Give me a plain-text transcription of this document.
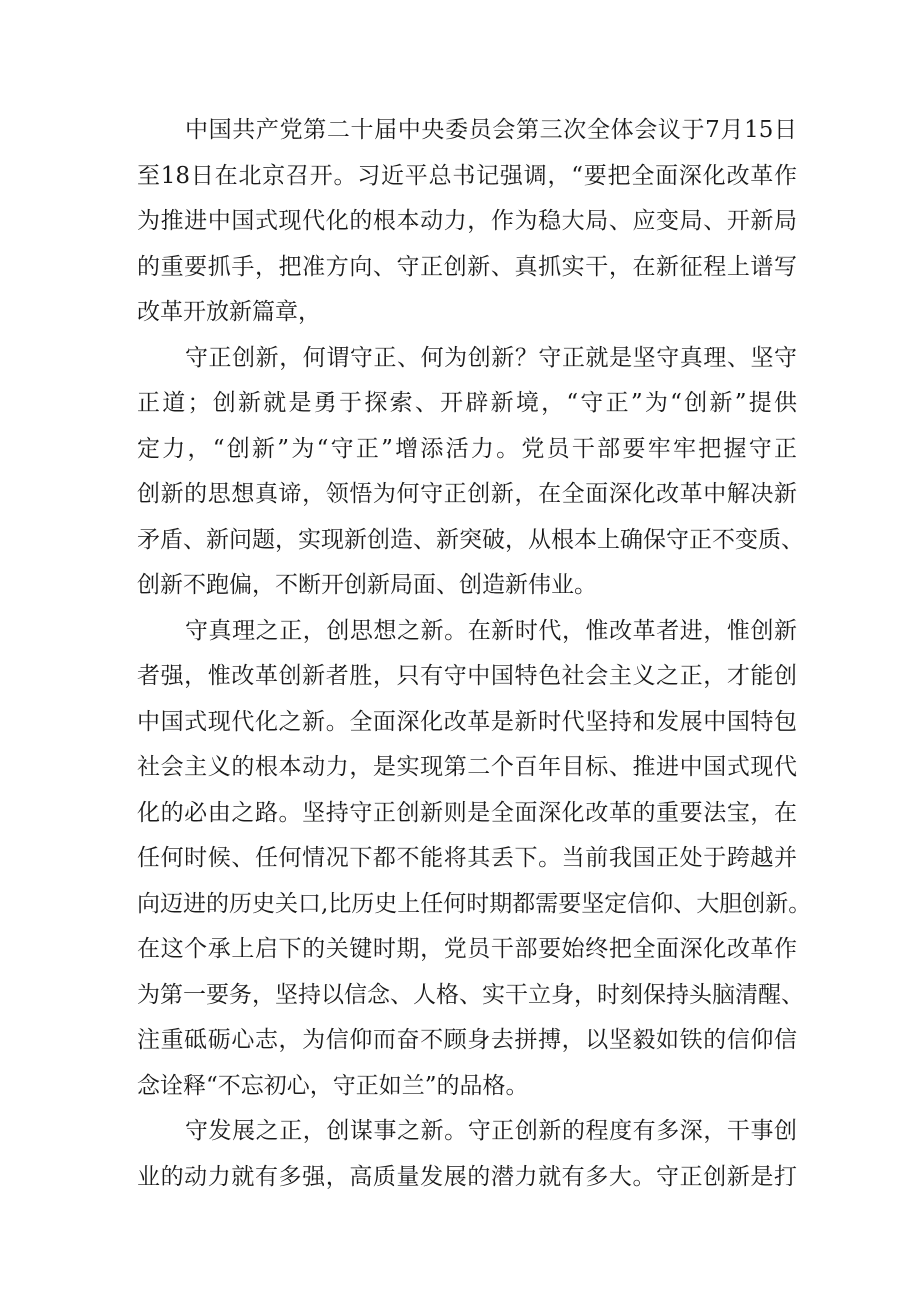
中国共产党第二十届中央委员会第三次全体会议于7月15日
至18日在北京召开。习近平总书记强调，“要把全面深化改革作
为推进中国式现代化的根本动力，作为稳大局、应变局、开新局
的重要抓手，把准方向、守正创新、真抓实干，在新征程上谱写
改革开放新篇章，
守正创新，何谓守正、何为创新？守正就是坚守真理、坚守
正道；创新就是勇于探索、开辟新境，“守正”为“创新”提供
定力，“创新”为“守正”增添活力。党员干部要牢牢把握守正
创新的思想真谛，领悟为何守正创新，在全面深化改革中解决新
矛盾、新问题，实现新创造、新突破，从根本上确保守正不变质、
创新不跑偏，不断开创新局面、创造新伟业。
守真理之正，创思想之新。在新时代，惟改革者进，惟创新
者强，惟改革创新者胜，只有守中国特色社会主义之正，才能创
中国式现代化之新。全面深化改革是新时代坚持和发展中国特包
社会主义的根本动力，是实现第二个百年目标、推进中国式现代
化的必由之路。坚持守正创新则是全面深化改革的重要法宝，在
任何时候、任何情况下都不能将其丢下。当前我国正处于跨越并
向迈进的历史关口,比历史上任何时期都需要坚定信仰、大胆创新。
在这个承上启下的关键时期，党员干部要始终把全面深化改革作
为第一要务，坚持以信念、人格、实干立身，时刻保持头脑清醒、
注重砥砺心志，为信仰而奋不顾身去拼搏，以坚毅如铁的信仰信
念诠释“不忘初心，守正如兰”的品格。
守发展之正，创谋事之新。守正创新的程度有多深，干事创
业的动力就有多强，高质量发展的潜力就有多大。守正创新是打
